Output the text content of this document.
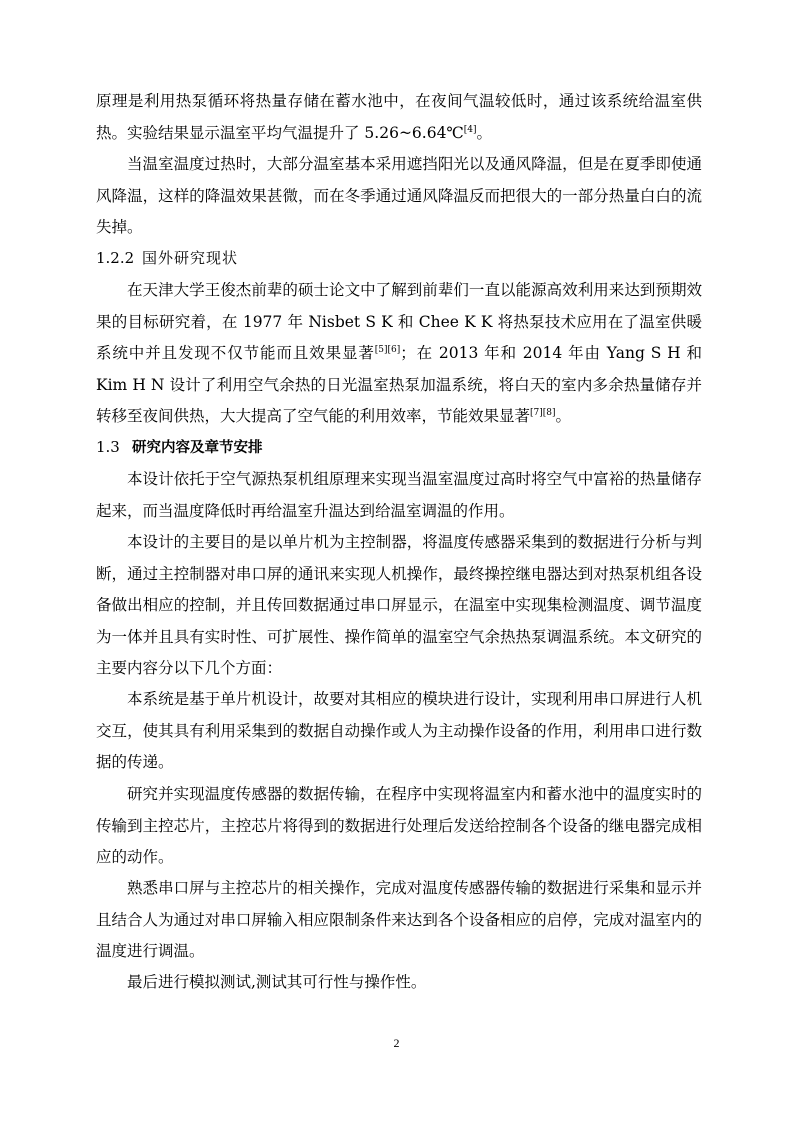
原理是利用热泵循环将热量存储在蓄水池中，在夜间气温较低时，通过该系统给温室供热。实验结果显示温室平均气温提升了 5.26~6.64℃[4]。

当温室温度过热时，大部分温室基本采用遮挡阳光以及通风降温，但是在夏季即使通风降温，这样的降温效果甚微，而在冬季通过通风降温反而把很大的一部分热量白白的流失掉。

1.2.2 国外研究现状

在天津大学王俊杰前辈的硕士论文中了解到前辈们一直以能源高效利用来达到预期效果的目标研究着，在 1977 年 Nisbet S K 和 Chee K K 将热泵技术应用在了温室供暖系统中并且发现不仅节能而且效果显著[5][6]；在 2013 年和 2014 年由 Yang S H 和 Kim H N 设计了利用空气余热的日光温室热泵加温系统，将白天的室内多余热量储存并转移至夜间供热，大大提高了空气能的利用效率，节能效果显著[7][8]。

1.3 研究内容及章节安排

本设计依托于空气源热泵机组原理来实现当温室温度过高时将空气中富裕的热量储存起来，而当温度降低时再给温室升温达到给温室调温的作用。

本设计的主要目的是以单片机为主控制器，将温度传感器采集到的数据进行分析与判断，通过主控制器对串口屏的通讯来实现人机操作，最终操控继电器达到对热泵机组各设备做出相应的控制，并且传回数据通过串口屏显示，在温室中实现集检测温度、调节温度为一体并且具有实时性、可扩展性、操作简单的温室空气余热热泵调温系统。本文研究的主要内容分以下几个方面：

本系统是基于单片机设计，故要对其相应的模块进行设计，实现利用串口屏进行人机交互，使其具有利用采集到的数据自动操作或人为主动操作设备的作用，利用串口进行数据的传递。

研究并实现温度传感器的数据传输，在程序中实现将温室内和蓄水池中的温度实时的传输到主控芯片，主控芯片将得到的数据进行处理后发送给控制各个设备的继电器完成相应的动作。

熟悉串口屏与主控芯片的相关操作，完成对温度传感器传输的数据进行采集和显示并且结合人为通过对串口屏输入相应限制条件来达到各个设备相应的启停，完成对温室内的温度进行调温。

最后进行模拟测试,测试其可行性与操作性。

2
